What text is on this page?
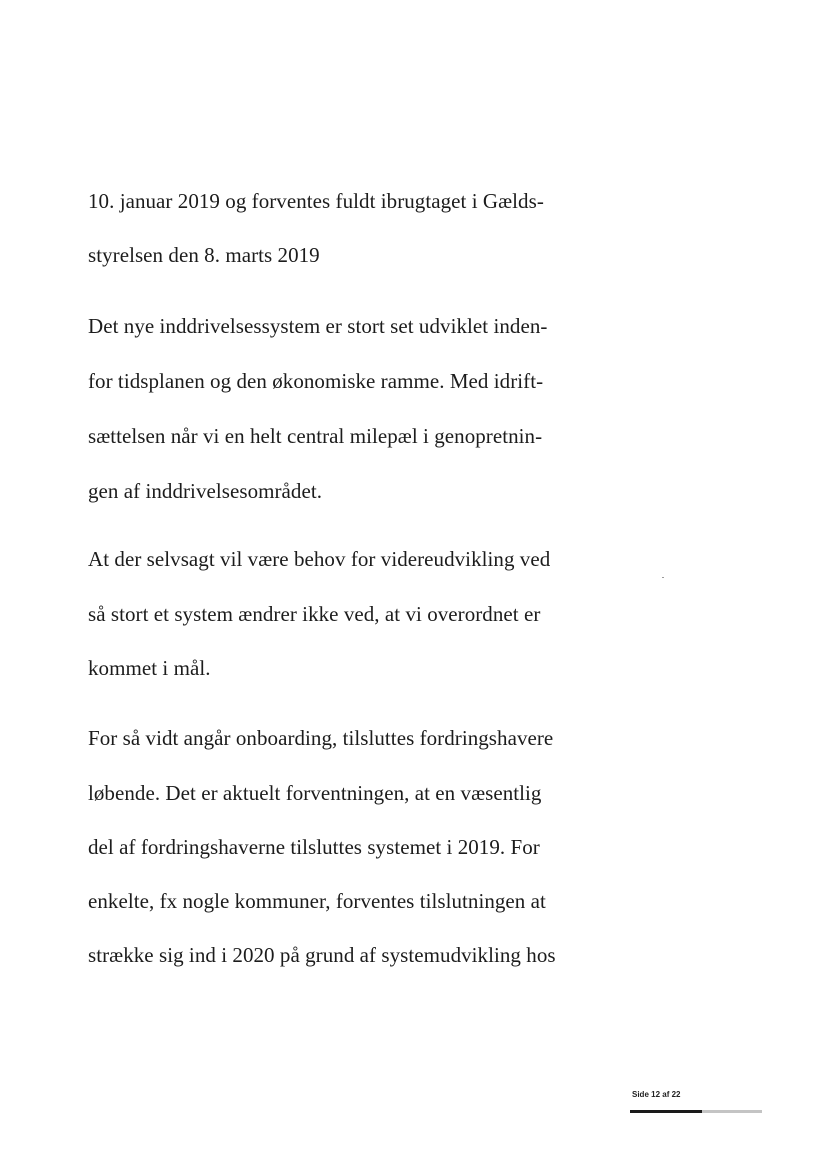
10. januar 2019 og forventes fuldt ibrugtaget i Gælds-
styrelsen den 8. marts 2019
Det nye inddrivelsessystem er stort set udviklet inden-
for tidsplanen og den økonomiske ramme. Med idrift-
sættelsen når vi en helt central milepæl i genopretnin-
gen af inddrivelsesområdet.
At der selvsagt vil være behov for videreudvikling ved
så stort et system ændrer ikke ved, at vi overordnet er
kommet i mål.
For så vidt angår onboarding, tilsluttes fordringshavere
løbende. Det er aktuelt forventningen, at en væsentlig
del af fordringshaverne tilsluttes systemet i 2019. For
enkelte, fx nogle kommuner, forventes tilslutningen at
strække sig ind i 2020 på grund af systemudvikling hos
Side 12 af 22
